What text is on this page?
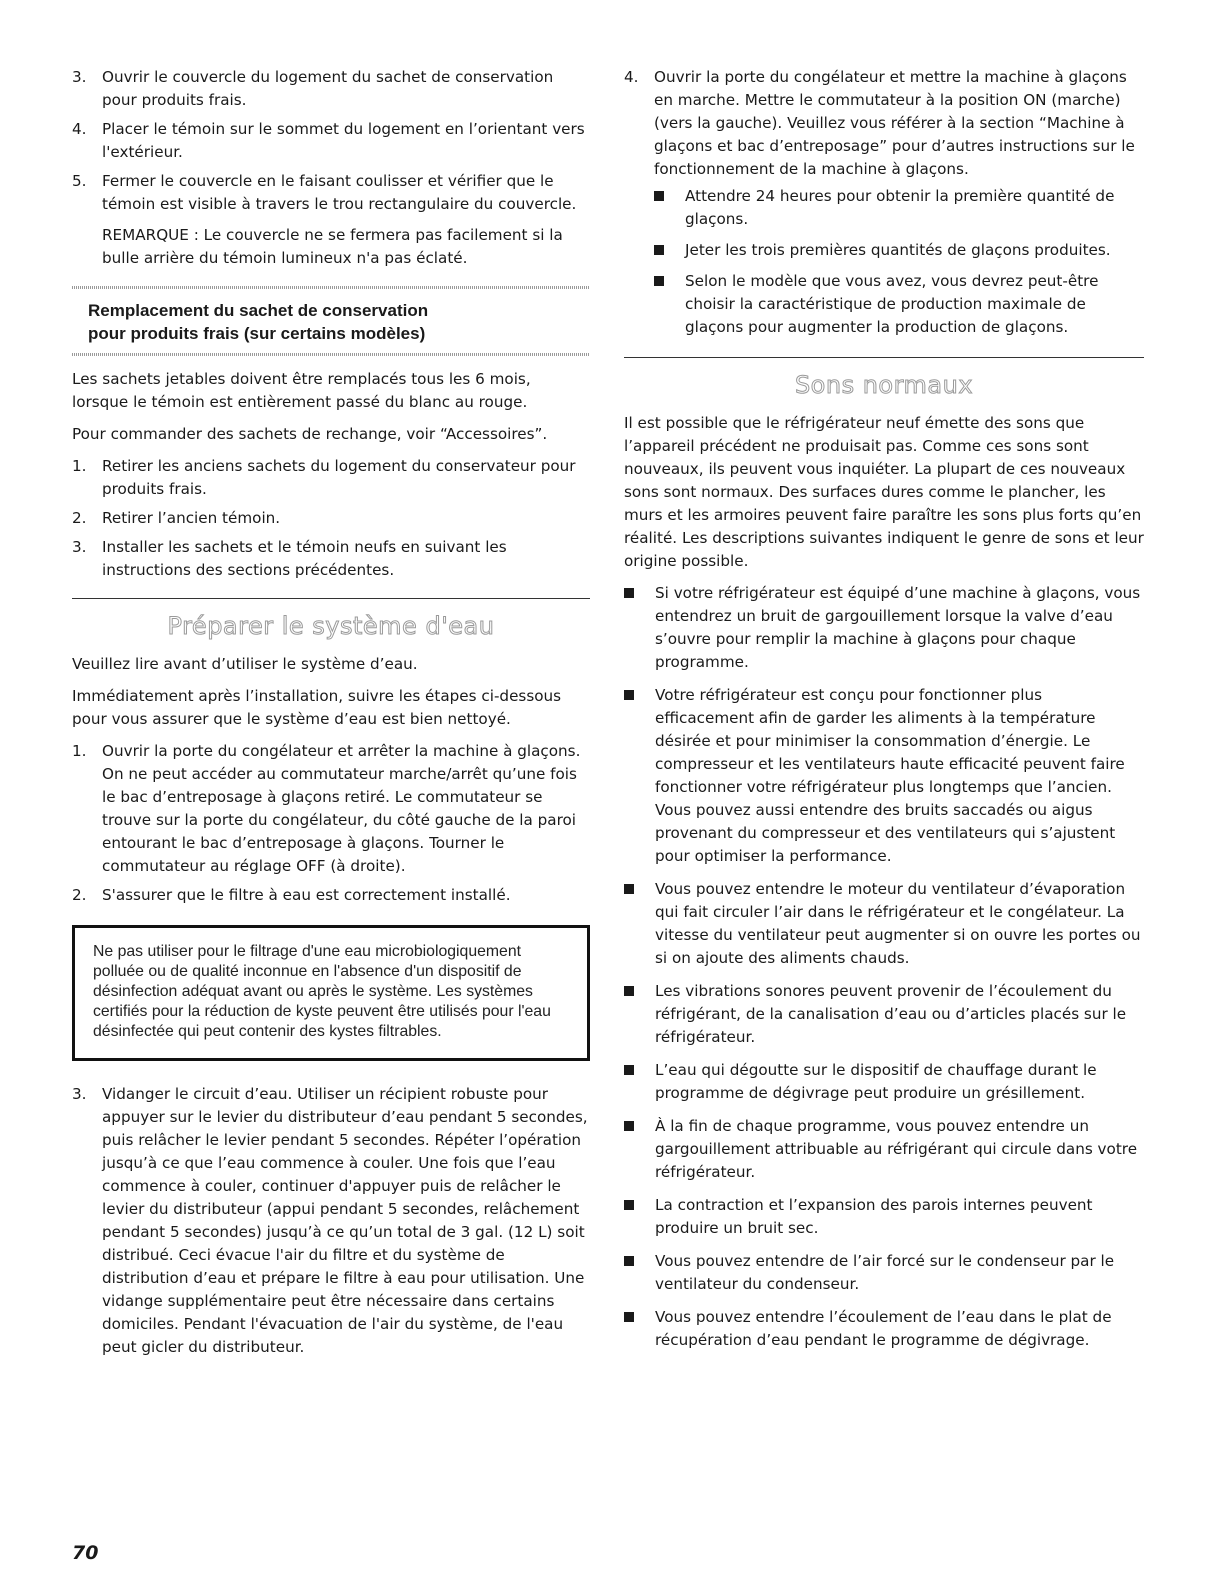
3.	Ouvrir le couvercle du logement du sachet de conservation pour produits frais.
4.	Placer le témoin sur le sommet du logement en l’orientant vers l'extérieur.
5.	Fermer le couvercle en le faisant coulisser et vérifier que le témoin est visible à travers le trou rectangulaire du couvercle.

REMARQUE : Le couvercle ne se fermera pas facilement si la bulle arrière du témoin lumineux n'a pas éclaté.

Remplacement du sachet de conservation
pour produits frais (sur certains modèles)

Les sachets jetables doivent être remplacés tous les 6 mois, lorsque le témoin est entièrement passé du blanc au rouge.

Pour commander des sachets de rechange, voir “Accessoires”.

1.	Retirer les anciens sachets du logement du conservateur pour produits frais.
2.	Retirer l’ancien témoin.
3.	Installer les sachets et le témoin neufs en suivant les instructions des sections précédentes.
Préparer le système d'eau

Veuillez lire avant d’utiliser le système d’eau.

Immédiatement après l’installation, suivre les étapes ci-dessous pour vous assurer que le système d’eau est bien nettoyé.

1.	Ouvrir la porte du congélateur et arrêter la machine à glaçons. On ne peut accéder au commutateur marche/arrêt qu’une fois le bac d’entreposage à glaçons retiré. Le commutateur se trouve sur la porte du congélateur, du côté gauche de la paroi entourant le bac d’entreposage à glaçons. Tourner le commutateur au réglage OFF (à droite).
2.	S'assurer que le filtre à eau est correctement installé.
Ne pas utiliser pour le filtrage d'une eau microbiologiquement polluée ou de qualité inconnue en l'absence d'un dispositif de désinfection adéquat avant ou après le système. Les systèmes certifiés pour la réduction de kyste peuvent être utilisés pour l'eau désinfectée qui peut contenir des kystes filtrables.
3.	Vidanger le circuit d’eau. Utiliser un récipient robuste pour appuyer sur le levier du distributeur d’eau pendant 5 secondes, puis relâcher le levier pendant 5 secondes. Répéter l’opération jusqu’à ce que l’eau commence à couler. Une fois que l’eau commence à couler, continuer d'appuyer puis de relâcher le levier du distributeur (appui pendant 5 secondes, relâchement pendant 5 secondes) jusqu’à ce qu’un total de 3 gal. (12 L) soit distribué. Ceci évacue l'air du filtre et du système de distribution d’eau et prépare le filtre à eau pour utilisation. Une vidange supplémentaire peut être nécessaire dans certains domiciles. Pendant l'évacuation de l'air du système, de l'eau peut gicler du distributeur.
4.	Ouvrir la porte du congélateur et mettre la machine à glaçons en marche. Mettre le commutateur à la position ON (marche) (vers la gauche). Veuillez vous référer à la section “Machine à glaçons et bac d’entreposage” pour d’autres instructions sur le fonctionnement de la machine à glaçons.
Attendre 24 heures pour obtenir la première quantité de glaçons.
Jeter les trois premières quantités de glaçons produites.
Selon le modèle que vous avez, vous devrez peut-être choisir la caractéristique de production maximale de glaçons pour augmenter la production de glaçons.
Sons normaux

Il est possible que le réfrigérateur neuf émette des sons que l’appareil précédent ne produisait pas. Comme ces sons sont nouveaux, ils peuvent vous inquiéter. La plupart de ces nouveaux sons sont normaux. Des surfaces dures comme le plancher, les murs et les armoires peuvent faire paraître les sons plus forts qu’en réalité. Les descriptions suivantes indiquent le genre de sons et leur origine possible.

Si votre réfrigérateur est équipé d’une machine à glaçons, vous entendrez un bruit de gargouillement lorsque la valve d’eau s’ouvre pour remplir la machine à glaçons pour chaque programme.
Votre réfrigérateur est conçu pour fonctionner plus efficacement afin de garder les aliments à la température désirée et pour minimiser la consommation d’énergie. Le compresseur et les ventilateurs haute efficacité peuvent faire fonctionner votre réfrigérateur plus longtemps que l’ancien. Vous pouvez aussi entendre des bruits saccadés ou aigus provenant du compresseur et des ventilateurs qui s’ajustent pour optimiser la performance.
Vous pouvez entendre le moteur du ventilateur d’évaporation qui fait circuler l’air dans le réfrigérateur et le congélateur. La vitesse du ventilateur peut augmenter si on ouvre les portes ou si on ajoute des aliments chauds.
Les vibrations sonores peuvent provenir de l’écoulement du réfrigérant, de la canalisation d’eau ou d’articles placés sur le réfrigérateur.
L’eau qui dégoutte sur le dispositif de chauffage durant le programme de dégivrage peut produire un grésillement.
À la fin de chaque programme, vous pouvez entendre un gargouillement attribuable au réfrigérant qui circule dans votre réfrigérateur.
La contraction et l’expansion des parois internes peuvent produire un bruit sec.
Vous pouvez entendre de l’air forcé sur le condenseur par le ventilateur du condenseur.
Vous pouvez entendre l’écoulement de l’eau dans le plat de récupération d’eau pendant le programme de dégivrage.
70
